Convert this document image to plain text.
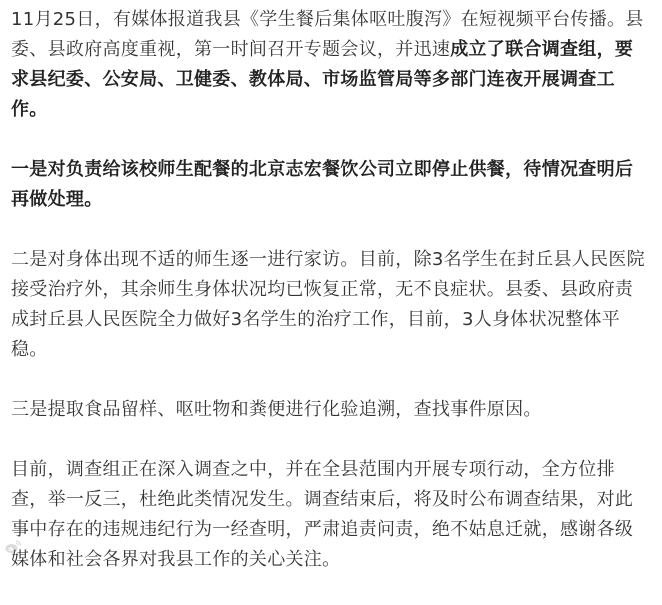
11月25日，有媒体报道我县《学生餐后集体呕吐腹泻》在短视频平台传播。县委、县政府高度重视，第一时间召开专题会议，并迅速成立了联合调查组，要求县纪委、公安局、卫健委、教体局、市场监管局等多部门连夜开展调查工作。

一是对负责给该校师生配餐的北京志宏餐饮公司立即停止供餐，待情况查明后再做处理。

二是对身体出现不适的师生逐一进行家访。目前，除3名学生在封丘县人民医院接受治疗外，其余师生身体状况均已恢复正常，无不良症状。县委、县政府责成封丘县人民医院全力做好3名学生的治疗工作，目前，3人身体状况整体平稳。

三是提取食品留样、呕吐物和粪便进行化验追溯，查找事件原因。

目前，调查组正在深入调查之中，并在全县范围内开展专项行动，全方位排查，举一反三，杜绝此类情况发生。调查结束后，将及时公布调查结果，对此事中存在的违规违纪行为一经查明，严肃追责问责，绝不姑息迁就，感谢各级媒体和社会各界对我县工作的关心关注。
